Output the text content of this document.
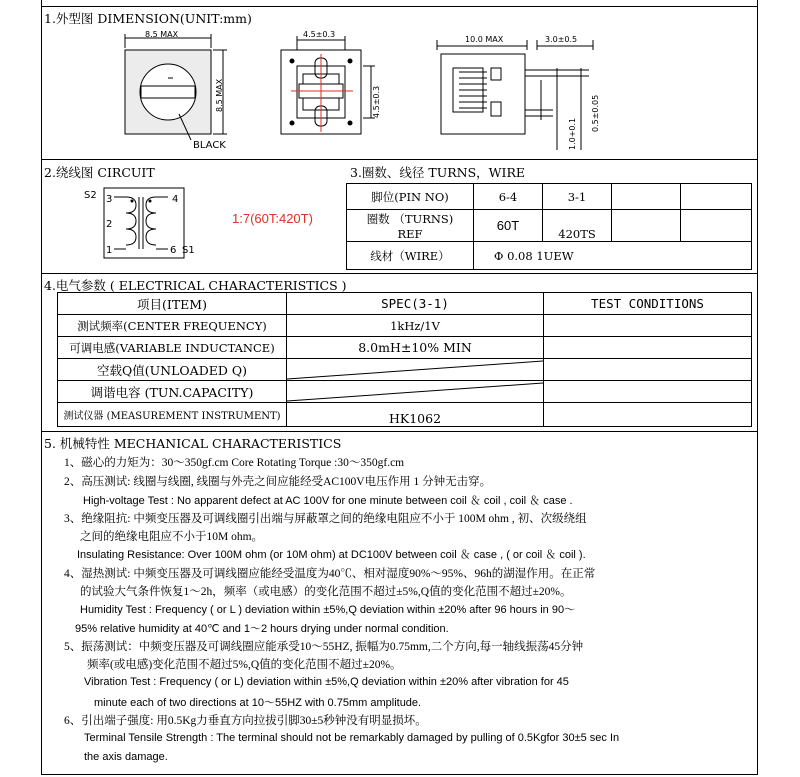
1.外型图 DIMENSION(UNIT:mm)
8.5 MAX
8.5 MAX
BLACK
4.5±0.3
4.5±0.3
10.0 MAX	3.0±0.5
1.0+0.1
0.5±0.05
2.绕线图 CIRCUIT
S2 3	4
2
1	6 S1
1:7(60T:420T)
3.圈数、线径 TURNS，WIRE
脚位(PIN NO)	6-4	3-1		

圈数 （TURNS)
REF	60T	420TS		
线材（WIRE）	Φ 0.08 1UEW			
4.电气参数 ( ELECTRICAL CHARACTERISTICS )
项目(ITEM)	SPEC(3-1)	TEST CONDITIONS
测试频率(CENTER FREQUENCY)	1kHz/1V	
可调电感(VARIABLE INDUCTANCE)	8.0mH±10% MIN	
空载Q值(UNLOADED Q)	

调谐电容 (TUN.CAPACITY)	

测试仪器 (MEASUREMENT INSTRUMENT)	HK1062	
5. 机械特性 MECHANICAL CHARACTERISTICS
1、磁心的力矩为：30～350gf.cm Core Rotating Torque :30～350gf.cm
2、高压测试: 线圈与线圈, 线圈与外壳之间应能经受AC100V电压作用 1 分钟无击穿。
High-voltage Test : No apparent defect at AC 100V for one minute between coil ＆ coil , coil ＆ case .
3、绝缘阻抗: 中频变压器及可调线圈引出端与屏蔽罩之间的绝缘电阻应不小于 100M ohm , 初、次级绕组
之间的绝缘电阻应不小于10M ohm。
Insulating Resistance: Over 100M ohm (or 10M ohm) at DC100V between coil ＆ case , ( or coil ＆ coil ).
4、湿热测试: 中频变压器及可调线圈应能经受温度为40℃、相对湿度90%～95%、96h的湖湿作用。在正常
的试验大气条件恢复1～2h，频率（或电感）的变化范围不超过±5%,Q值的变化范围不超过±20%。
Humidity Test : Frequency ( or L ) deviation within ±5%,Q deviation within ±20% after 96 hours in 90～
95% relative humidity at 40℃ and 1～2 hours drying under normal condition.
5、振荡测试：中频变压器及可调线圈应能承受10～55HZ, 振幅为0.75mm,二个方向,每一轴线振荡45分钟
频率(或电感)变化范围不超过5%,Q值的变化范围不超过±20%。
Vibration Test : Frequency ( or L) deviation within ±5%,Q deviation within ±20% after vibration for 45
minute each of two directions at 10～55HZ with 0.75mm amplitude.
6、引出端子强度: 用0.5Kg力垂直方向拉拔引脚30±5秒钟没有明显损坏。
Terminal Tensile Strength : The terminal should not be remarkably damaged by pulling of 0.5Kgfor 30±5 sec In
the axis damage.
